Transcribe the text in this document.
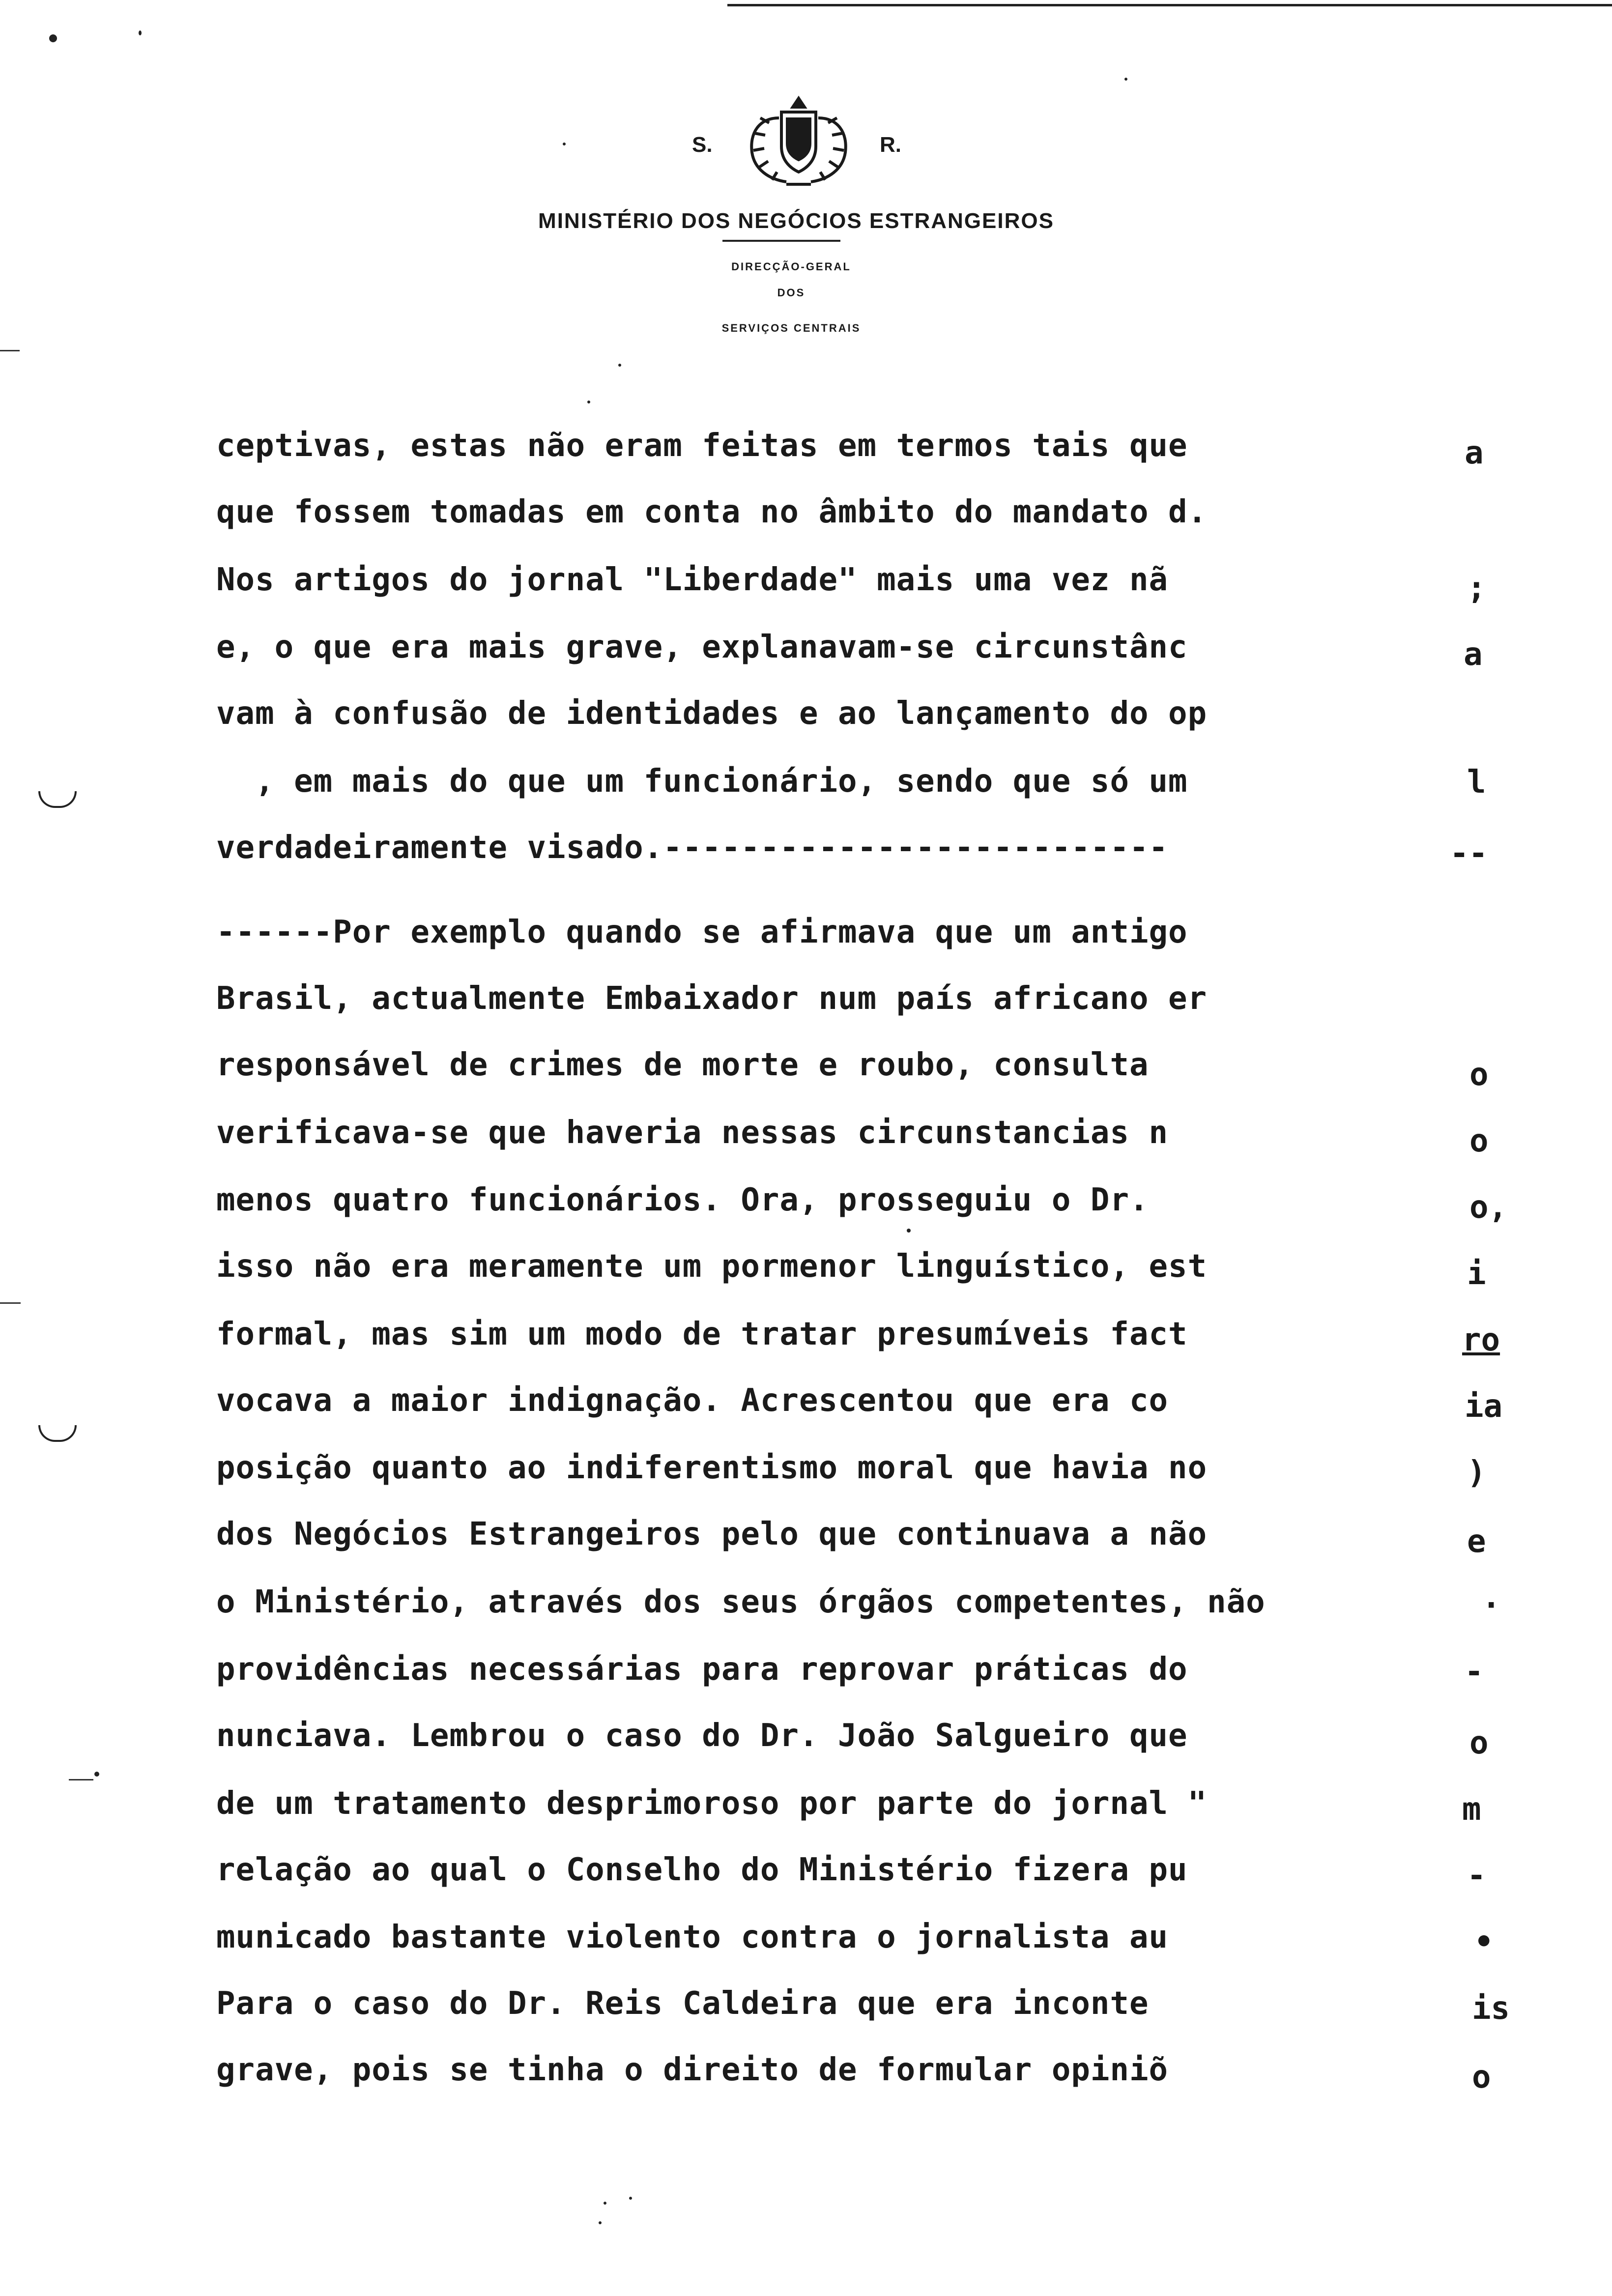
S.	R.
MINISTÉRIO DOS NEGÓCIOS ESTRANGEIROS
DIRECÇÃO-GERAL
DOS
SERVIÇOS CENTRAIS
ceptivas, estas não eram feitas em termos tais que
que fossem tomadas em conta no âmbito do mandato d.
Nos artigos do jornal "Liberdade" mais uma vez nã
e, o que era mais grave, explanavam-se circunstânc
vam à confusão de identidades e ao lançamento do op
, em mais do que um funcionário, sendo que só um
verdadeiramente visado.--------------------------
------Por exemplo quando se afirmava que um antigo
Brasil, actualmente Embaixador num país africano er
responsável de crimes de morte e roubo, consulta
verificava-se que haveria nessas circunstancias n
menos quatro funcionários. Ora, prosseguiu o Dr.
isso não era meramente um pormenor linguístico, est
formal, mas sim um modo de tratar presumíveis fact
vocava a maior indignação. Acrescentou que era co
posição quanto ao indiferentismo moral que havia no
dos Negócios Estrangeiros pelo que continuava a não
o Ministério, através dos seus órgãos competentes, não
providências necessárias para reprovar práticas do
nunciava. Lembrou o caso do Dr. João Salgueiro que
de um tratamento desprimoroso por parte do jornal "
relação ao qual o Conselho do Ministério fizera pu
municado bastante violento contra o jornalista au
Para o caso do Dr. Reis Caldeira que era inconte
grave, pois se tinha o direito de formular opiniõ
a
;
a
l
--
o
o
o,
i
ro
ia
)
e
·
-
o
m
-
•
is
o
